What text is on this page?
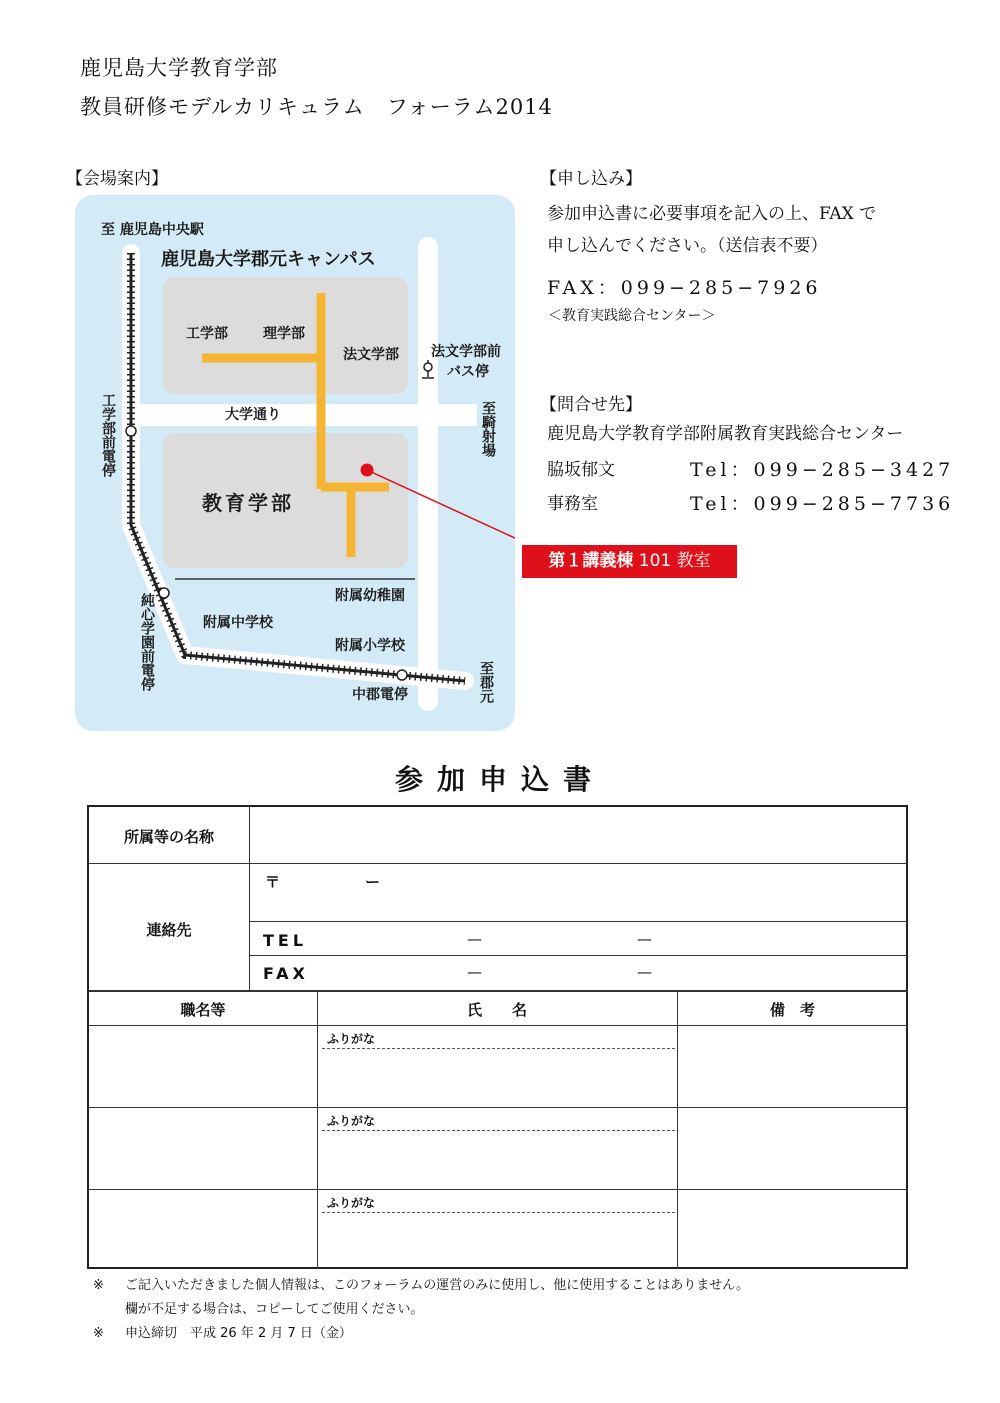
鹿児島大学教育学部
教員研修モデルカリキュラム　フォーラム2014
【会場案内】
至 鹿児島中央駅
鹿児島大学郡元キャンパス
工学部	理学部
法文学部 法文学部前
バス停
大学通り
教育学部
附属幼稚園
附属中学校
附属小学校
中郡電停
工学部前電停	至騎射場
純心学園前電停	至郡元
第１講義棟 101 教室
【申し込み】
参加申込書に必要事項を記入の上、FAX で
申し込んでください。（送信表不要）
FAX：099−285−7926
＜教育実践総合センター＞
【問合せ先】
鹿児島大学教育学部附属教育実践総合センター
脇坂郁文	Tel：099−285−3427
事務室	Tel：099−285−7736
参加申込書
所属等の名称
連絡先
〒	ー
TEL	—	—
FAX	—	—
職名等	氏　　名	備　考
ふりがな
ふりがな
ふりがな
※ ご記入いただきました個人情報は、このフォーラムの運営のみに使用し、他に使用することはありません。
欄が不足する場合は、コピーしてご使用ください。
※ 申込締切　平成 26 年 2 月 7 日（金）
